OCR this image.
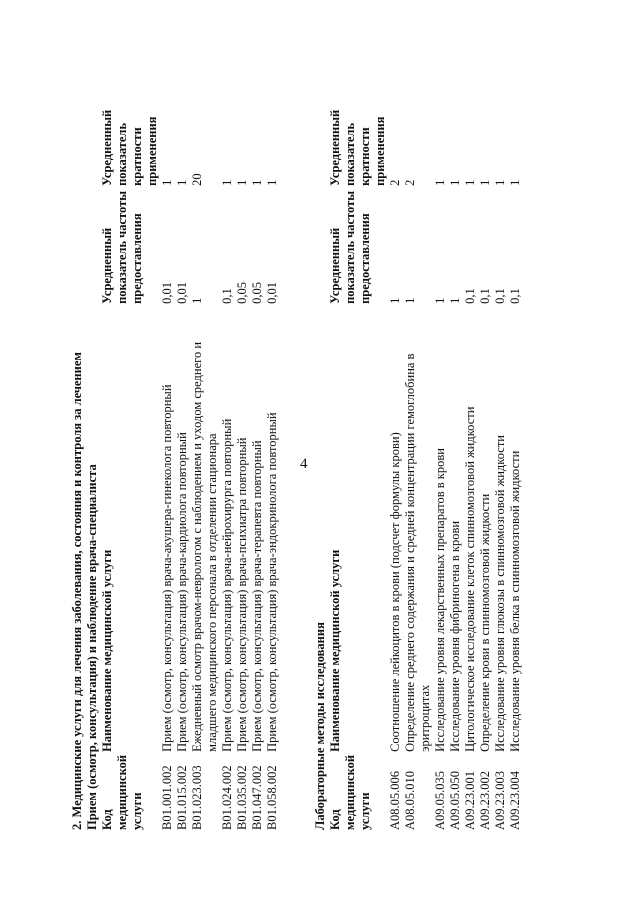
4
2. Медицинские услуги для лечения заболевания, состояния и контроля за лечением Прием (осмотр, консультация) и наблюдение врача-специалиста Код медицинской услуги	Наименование медицинской услуги	Усредненный показатель частоты предоставления	Усредненный показатель кратности применения
B01.001.002	Прием (осмотр, консультация) врача-акушера-гинеколога повторный	0,01	1
B01.015.002	Прием (осмотр, консультация) врача-кардиолога повторный	0,01	1
B01.023.003	Ежедневный осмотр врачом-неврологом с наблюдением и уходом среднего и младшего медицинского персонала в отделении стационара	1	20
B01.024.002	Прием (осмотр, консультация) врача-нейрохирурга повторный	0,1	1
B01.035.002	Прием (осмотр, консультация) врача-психиатра повторный	0,05	1
B01.047.002	Прием (осмотр, консультация) врача-терапевта повторный	0,05	1
B01.058.002	Прием (осмотр, консультация) врача-эндокринолога повторный	0,01	1
Лабораторные методы исследования Код медицинской услуги	Наименование медицинской услуги	Усредненный показатель частоты предоставления	Усредненный показатель кратности применения
A08.05.006	Соотношение лейкоцитов в крови (подсчет формулы крови)	1	2
A08.05.010	Определение среднего содержания и средней концентрации гемоглобина в эритроцитах	1	2
A09.05.035	Исследование уровня лекарственных препаратов в крови	1	1
A09.05.050	Исследование уровня фибриногена в крови	1	1
A09.23.001	Цитологическое исследование клеток спинномозговой жидкости	0,1	1
A09.23.002	Определение крови в спинномозговой жидкости	0,1	1
A09.23.003	Исследование уровня глюкозы в спинномозговой жидкости	0,1	1
A09.23.004	Исследование уровня белка в спинномозговой жидкости	0,1	1
